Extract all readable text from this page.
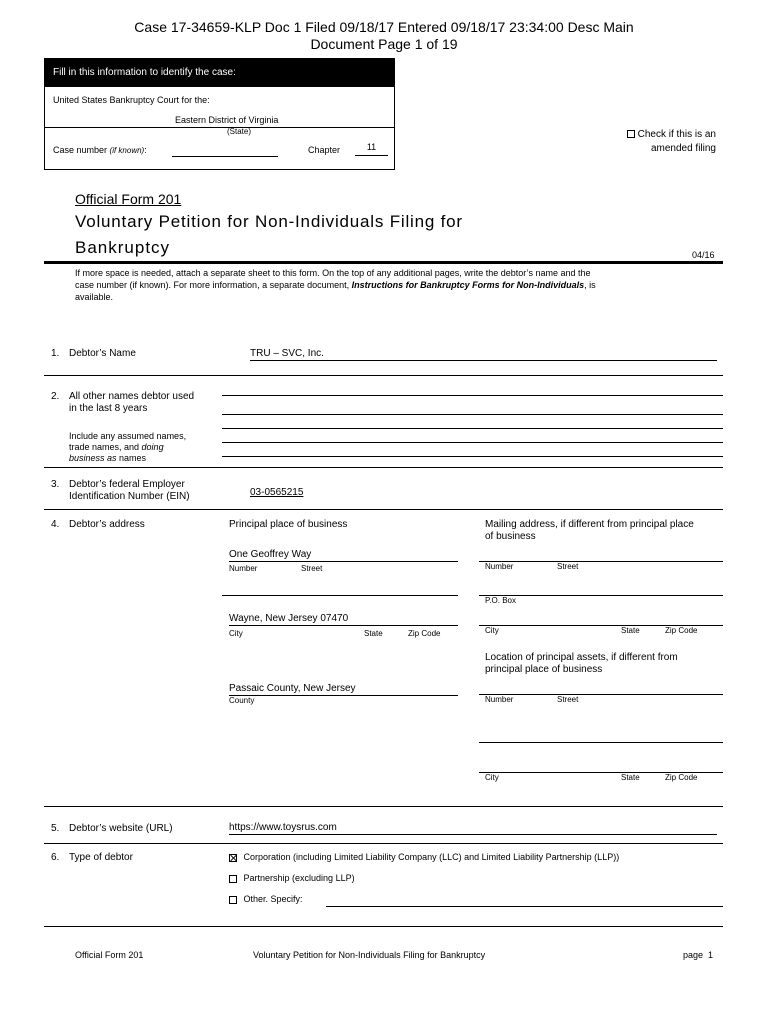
Case 17-34659-KLP Doc 1 Filed 09/18/17 Entered 09/18/17 23:34:00 Desc Main
Document Page 1 of 19
Fill in this information to identify the case:
United States Bankruptcy Court for the:
Eastern District of Virginia
(State)
Case number (if known):	Chapter	11
Check if this is an
amended filing
Official Form 201
Voluntary Petition for Non-Individuals Filing for
Bankruptcy	04/16
If more space is needed, attach a separate sheet to this form. On the top of any additional pages, write the debtor’s name and the
case number (if known). For more information, a separate document, Instructions for Bankruptcy Forms for Non-Individuals, is
available.
1. Debtor’s Name	TRU – SVC, Inc.
2. All other names debtor used
in the last 8 years
Include any assumed names,
trade names, and doing
business as names
3. Debtor’s federal Employer
Identification Number (EIN)	03-0565215
4. Debtor’s address	Principal place of business
One Geoffrey Way
Number	Street
Wayne, New Jersey 07470
City	State	Zip Code
Passaic County, New Jersey
County
Mailing address, if different from principal place
of business
Number	Street
P.O. Box
City	State	Zip Code
Location of principal assets, if different from
principal place of business
Number	Street
City	State	Zip Code
5. Debtor’s website (URL)	https://www.toysrus.com
6. Type of debtor	Corporation (including Limited Liability Company (LLC) and Limited Liability Partnership (LLP))
Partnership (excluding LLP)
Other. Specify:
Official Form 201	Voluntary Petition for Non-Individuals Filing for Bankruptcy	page 1
